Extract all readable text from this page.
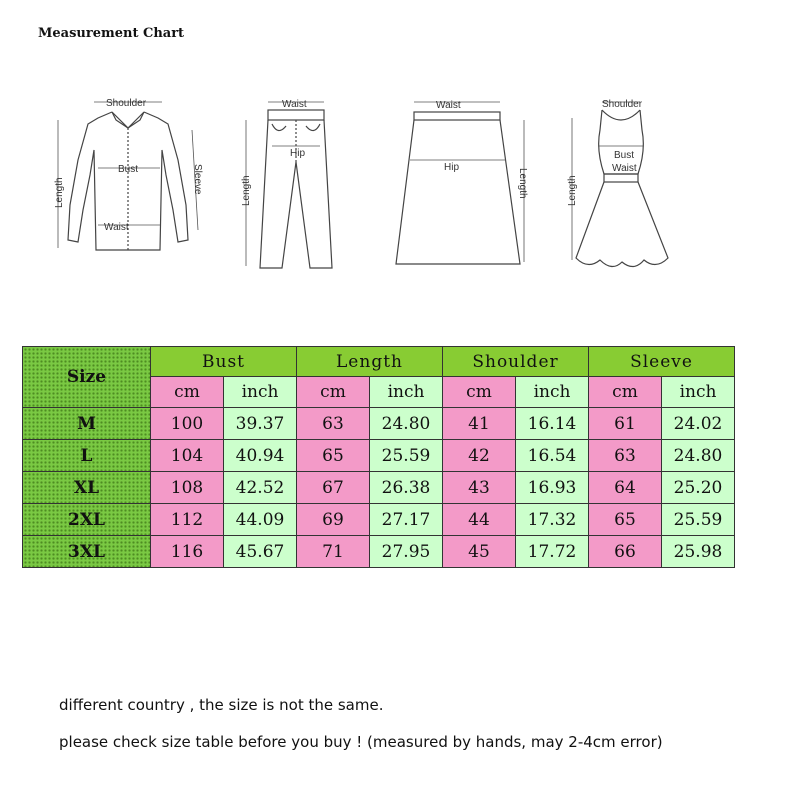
Measurement Chart
Shoulder
Bust
Waist
Length	Sleeve
Waist
Hip
Length
Waist
Hip
Length
Shoulder
Bust
Waist
Length
Size	Bust		Length		Shoulder		Sleeve	
	cm	inch	cm	inch	cm	inch	cm	inch
M	100	39.37	63	24.80	41	16.14	61	24.02
L	104	40.94	65	25.59	42	16.54	63	24.80
XL	108	42.52	67	26.38	43	16.93	64	25.20
2XL	112	44.09	69	27.17	44	17.32	65	25.59
3XL	116	45.67	71	27.95	45	17.72	66	25.98
different country , the size is not the same.
please check size table before you buy ! (measured by hands, may 2-4cm error)
